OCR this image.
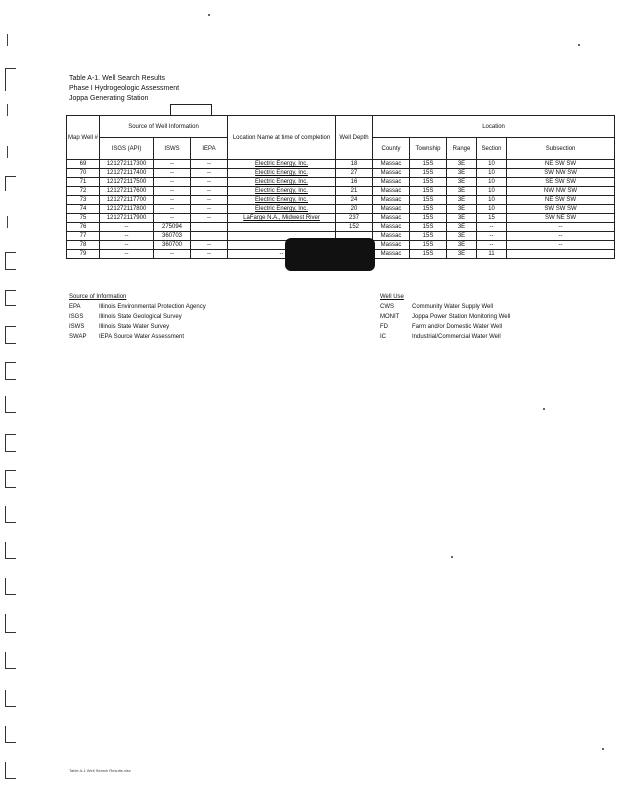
Table A-1. Well Search Results
Phase I Hydrogeologic Assessment
Joppa Generating Station
Map Well #	Source of Well Information			Location Name at time of completion	Well Depth	Location				
	ISGS (API)	ISWS	IEPA			County	Township	Range	Section	Subsection
69	121272117300	--	--	Electric Energy, Inc.	18	Massac	15S	3E	10	NE SW SW
70	121272117400	--	--	Electric Energy, Inc.	27	Massac	15S	3E	10	SW NW SW
71	121272117500	--	--	Electric Energy, Inc.	16	Massac	15S	3E	10	SE SW SW
72	121272117600	--	--	Electric Energy, Inc.	21	Massac	15S	3E	10	NW NW SW
73	121272117700	--	--	Electric Energy, Inc.	24	Massac	15S	3E	10	NE SW SW
74	121272117800	--	--	Electric Energy, Inc.	20	Massac	15S	3E	10	SW SW SW
75	121272117900	--	--	LaFarge N.A., Midwest River	237	Massac	15S	3E	15	SW NE SW
76	--	275094			152	Massac	15S	3E	--	--
77	--	360703				Massac	15S	3E	--	--
78	--	360700	--			Massac	15S	3E	--	--
79	--	--	--	--		Massac	15S	3E	11	
Source of Information
EPA	Illinois Environmental Protection Agency
ISGS	Illinois State Geological Survey
ISWS Illinois State Water Survey
SWAP IEPA Source Water Assessment
Well Use
CWS	Community Water Supply Well
MONIT Joppa Power Station Monitoring Well
FD	Farm and/or Domestic Water Well
IC	Industrial/Commercial Water Well
Table A-1 Well Search Results.xlsx
